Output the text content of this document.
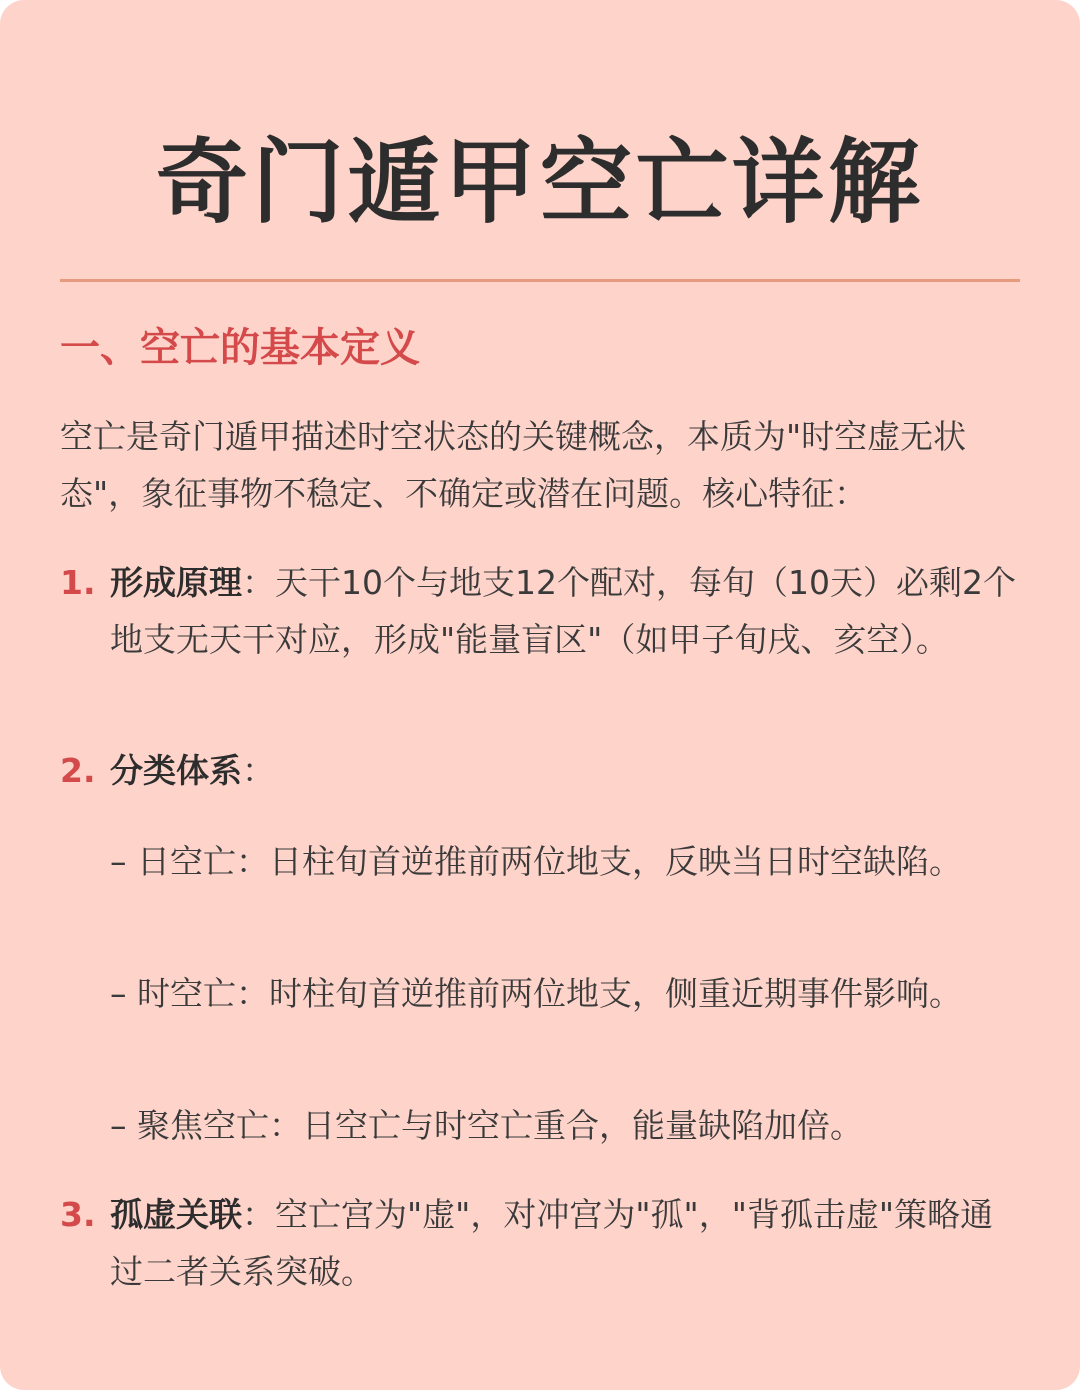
奇门遁甲空亡详解
一、空亡的基本定义

空亡是奇门遁甲描述时空状态的关键概念，本质为"时空虚无状态"，象征事物不稳定、不确定或潜在问题。核心特征：

1. 形成原理：天干10个与地支12个配对，每旬（10天）必剩2个地支无天干对应，形成"能量盲区"（如甲子旬戌、亥空）。
2. 分类体系：
– 日空亡：日柱旬首逆推前两位地支，反映当日时空缺陷。
– 时空亡：时柱旬首逆推前两位地支，侧重近期事件影响。
– 聚焦空亡：日空亡与时空亡重合，能量缺陷加倍。
3. 孤虚关联：空亡宫为"虚"，对冲宫为"孤"，"背孤击虚"策略通过二者关系突破。
